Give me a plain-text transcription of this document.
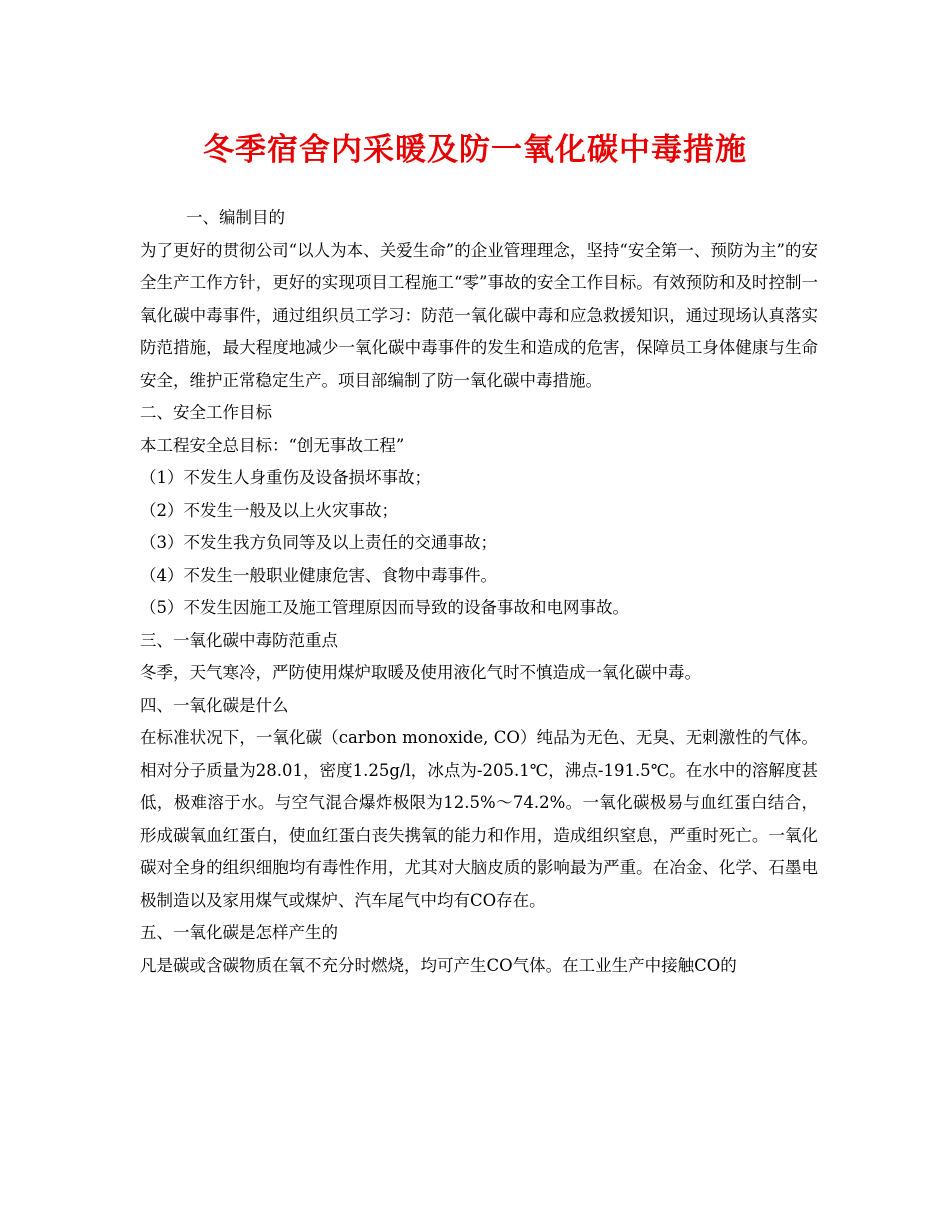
冬季宿舍内采暖及防一氧化碳中毒措施

一、编制目的

为了更好的贯彻公司“以人为本、关爱生命”的企业管理理念，坚持“安全第一、预防为主”的安全生产工作方针，更好的实现项目工程施工“零”事故的安全工作目标。有效预防和及时控制一氧化碳中毒事件，通过组织员工学习：防范一氧化碳中毒和应急救援知识，通过现场认真落实防范措施，最大程度地减少一氧化碳中毒事件的发生和造成的危害，保障员工身体健康与生命安全，维护正常稳定生产。项目部编制了防一氧化碳中毒措施。

二、安全工作目标

本工程安全总目标：“创无事故工程”

（1）不发生人身重伤及设备损坏事故；

（2）不发生一般及以上火灾事故；

（3）不发生我方负同等及以上责任的交通事故；

（4）不发生一般职业健康危害、食物中毒事件。

（5）不发生因施工及施工管理原因而导致的设备事故和电网事故。

三、一氧化碳中毒防范重点

冬季，天气寒冷，严防使用煤炉取暖及使用液化气时不慎造成一氧化碳中毒。

四、一氧化碳是什么

在标准状况下，一氧化碳（carbon monoxide, CO）纯品为无色、无臭、无刺激性的气体。相对分子质量为28.01，密度1.25g/l，冰点为-205.1℃，沸点-191.5℃。在水中的溶解度甚低，极难溶于水。与空气混合爆炸极限为12.5%～74.2%。一氧化碳极易与血红蛋白结合，形成碳氧血红蛋白，使血红蛋白丧失携氧的能力和作用，造成组织窒息，严重时死亡。一氧化碳对全身的组织细胞均有毒性作用，尤其对大脑皮质的影响最为严重。在冶金、化学、石墨电极制造以及家用煤气或煤炉、汽车尾气中均有CO存在。

五、一氧化碳是怎样产生的

凡是碳或含碳物质在氧不充分时燃烧，均可产生CO气体。在工业生产中接触CO的
